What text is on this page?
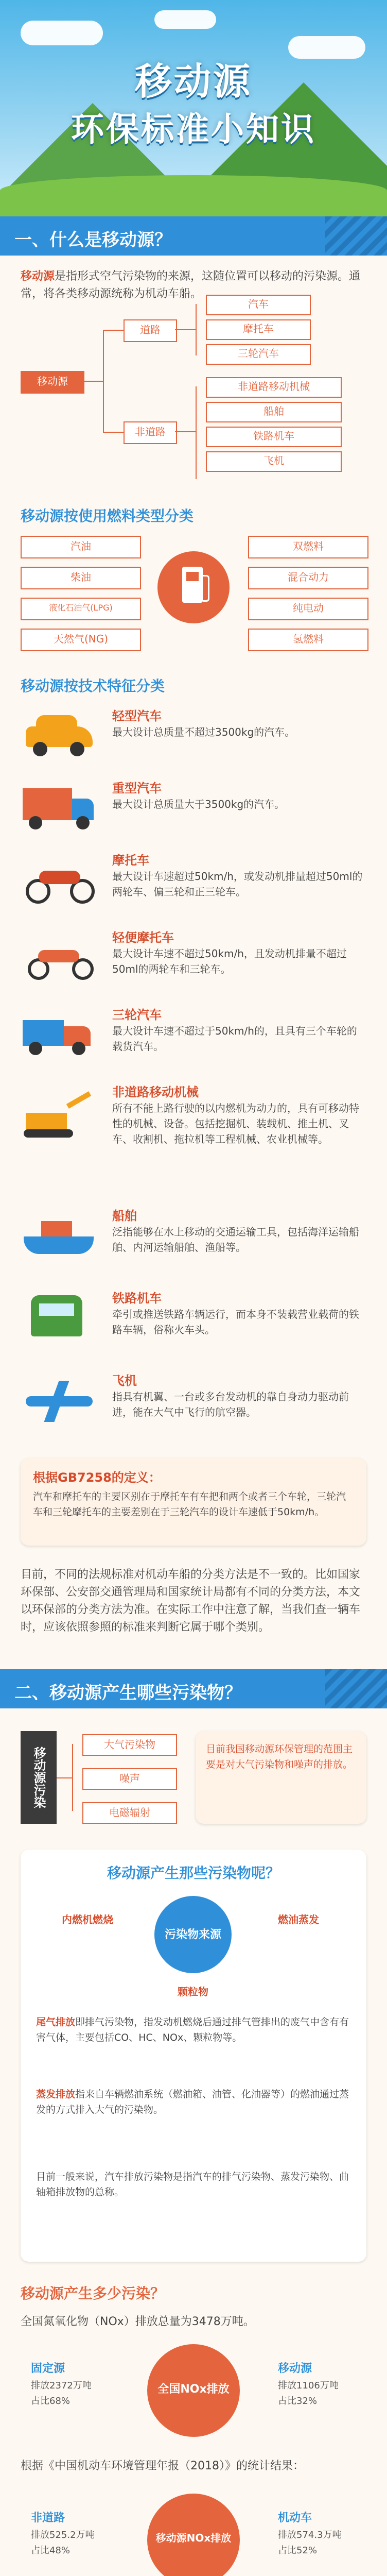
移动源
环保标准小知识
一、什么是移动源？
移动源是指形式空气污染物的来源，这随位置可以移动的污染源。通常，将各类移动源统称为机动车船。
移动源
道路
非道路
汽车
摩托车
三轮汽车
非道路移动机械
船舶
铁路机车
飞机
移动源按使用燃料类型分类
汽油
柴油
液化石油气(LPG)
天然气(NG)
双燃料
混合动力
纯电动
氢燃料
移动源按技术特征分类
轻型汽车
最大设计总质量不超过3500kg的汽车。
重型汽车
最大设计总质量大于3500kg的汽车。
摩托车
最大设计车速超过50km/h，或发动机排量超过50ml的两轮车、偏三轮和正三轮车。
轻便摩托车
最大设计车速不超过50km/h，且发动机排量不超过50ml的两轮车和三轮车。
三轮汽车
最大设计车速不超过于50km/h的，且具有三个车轮的载货汽车。
非道路移动机械
所有不能上路行驶的以内燃机为动力的，具有可移动特性的机械、设备。包括挖掘机、装载机、推土机、叉车、收割机、拖拉机等工程机械、农业机械等。
船舶
泛指能够在水上移动的交通运输工具，包括海洋运输船舶、内河运输船舶、渔船等。
铁路机车
牵引或推送铁路车辆运行，而本身不装载营业载荷的铁路车辆，俗称火车头。
飞机
指具有机翼、一台或多台发动机的靠自身动力驱动前进，能在大气中飞行的航空器。
根据GB7258的定义：
汽车和摩托车的主要区别在于摩托车有车把和两个或者三个车轮，三轮汽车和三轮摩托车的主要差别在于三轮汽车的设计车速低于50km/h。
目前，不同的法规标准对机动车船的分类方法是不一致的。比如国家环保部、公安部交通管理局和国家统计局都有不同的分类方法，本文以环保部的分类方法为准。在实际工作中注意了解，当我们查一辆车时，应该依照参照的标准来判断它属于哪个类别。
二、移动源产生哪些污染物？
移动源污染
大气污染物
噪声
电磁辐射
目前我国移动源环保管理的范围主要是对大气污染物和噪声的排放。
移动源产生那些污染物呢？
污染物来源
内燃机燃烧	燃油蒸发
颗粒物
尾气排放即排气污染物，指发动机燃烧后通过排气管排出的废气中含有有害气体，主要包括CO、HC、NOx、颗粒物等。
蒸发排放指来自车辆燃油系统（燃油箱、油管、化油器等）的燃油通过蒸发的方式排入大气的污染物。
目前一般来说，汽车排放污染物是指汽车的排气污染物、蒸发污染物、曲轴箱排放物的总称。
移动源产生多少污染？
全国氮氧化物（NOx）排放总量为3478万吨。
全国NOx排放
固定源
排放2372万吨
占比68%
移动源
排放1106万吨
占比32%
根据《中国机动车环境管理年报（2018）》的统计结果：
移动源NOx排放
非道路
排放525.2万吨
占比48%
机动车
排放574.3万吨
占比52%
